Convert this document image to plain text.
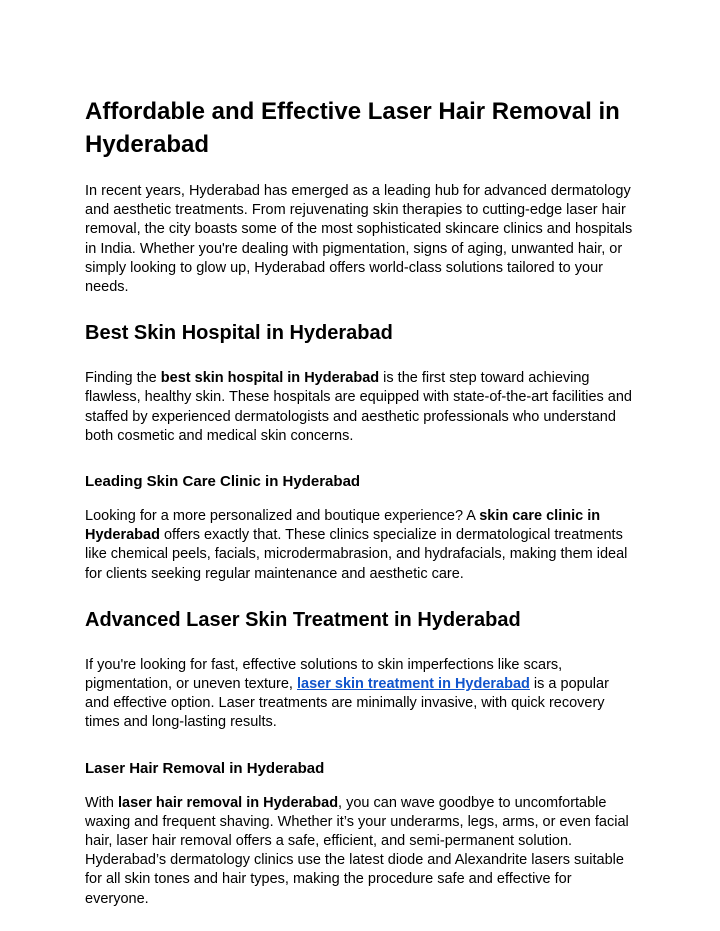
Affordable and Effective Laser Hair Removal in Hyderabad

In recent years, Hyderabad has emerged as a leading hub for advanced dermatology and aesthetic treatments. From rejuvenating skin therapies to cutting-edge laser hair removal, the city boasts some of the most sophisticated skincare clinics and hospitals in India. Whether you're dealing with pigmentation, signs of aging, unwanted hair, or simply looking to glow up, Hyderabad offers world-class solutions tailored to your needs.

Best Skin Hospital in Hyderabad

Finding the best skin hospital in Hyderabad is the first step toward achieving flawless, healthy skin. These hospitals are equipped with state-of-the-art facilities and staffed by experienced dermatologists and aesthetic professionals who understand both cosmetic and medical skin concerns.

Leading Skin Care Clinic in Hyderabad

Looking for a more personalized and boutique experience? A skin care clinic in Hyderabad offers exactly that. These clinics specialize in dermatological treatments like chemical peels, facials, microdermabrasion, and hydrafacials, making them ideal for clients seeking regular maintenance and aesthetic care.

Advanced Laser Skin Treatment in Hyderabad

If you're looking for fast, effective solutions to skin imperfections like scars, pigmentation, or uneven texture, laser skin treatment in Hyderabad is a popular and effective option. Laser treatments are minimally invasive, with quick recovery times and long-lasting results.

Laser Hair Removal in Hyderabad

With laser hair removal in Hyderabad, you can wave goodbye to uncomfortable waxing and frequent shaving. Whether it’s your underarms, legs, arms, or even facial hair, laser hair removal offers a safe, efficient, and semi-permanent solution. Hyderabad’s dermatology clinics use the latest diode and Alexandrite lasers suitable for all skin tones and hair types, making the procedure safe and effective for everyone.
